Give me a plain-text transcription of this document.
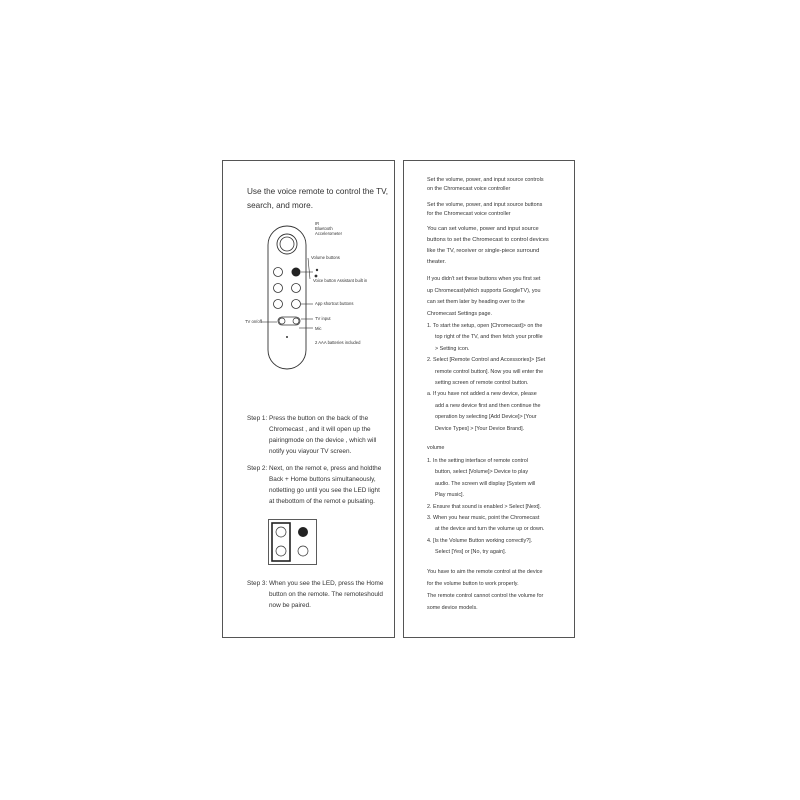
Use the voice remote to control the TV,
search, and more.
IR
Bluetooth
Accelerometer
Volume buttons
Voice button Assistant built in
App shortcut buttons
TV input
TV on/off
Mic
2 AAA batteries included
Step 1: Press the button on the back of the
Chromecast , and it will open up the
pairingmode on the device , which will
notify you viayour TV screen.
Step 2: Next, on the remot e, press and holdthe
Back + Home buttons simultaneously,
notletting go until you see the LED light
at thebottom of the remot e pulsating.
Step 3: When you see the LED, press the Home
button on the remote. The remoteshould
now be paired.
Set the volume, power, and input source controls
on the Chromecast voice controller
Set the volume, power, and input source buttons
for the Chromecast voice controller
You can set volume, power and input source
buttons to set the Chromecast to control devices
like the TV, receiver or single-piece surround
theater.
If you didn't set these buttons when you first set
up Chromecast(which supports GoogleTV), you
can set them later by heading over to the
Chromecast Settings page.
1. To start the setup, open [Chromecast]> on the
top right of the TV, and then fetch your profile
> Setting icon.
2. Select [Remote Control and Accessories]> [Set
remote control button]. Now you will enter the
setting screen of remote control button.
a. If you have not added a new device, please
add a new device first and then continue the
operation by selecting [Add Device]> [Your
Device Types] > [Your Device Brand].
volume
1. In the setting interface of remote control
button, select [Volume]> Device to play
audio. The screen will display [System will
Play music].
2. Ensure that sound is enabled > Select [Next].
3. When you hear music, point the Chromecast
at the device and turn the volume up or down.
4. [Is the Volume Button working correctly?].
Select [Yes] or [No, try again].
You have to aim the remote control at the device
for the volume button to work properly.
The remote control cannot control the volume for
some device models.
